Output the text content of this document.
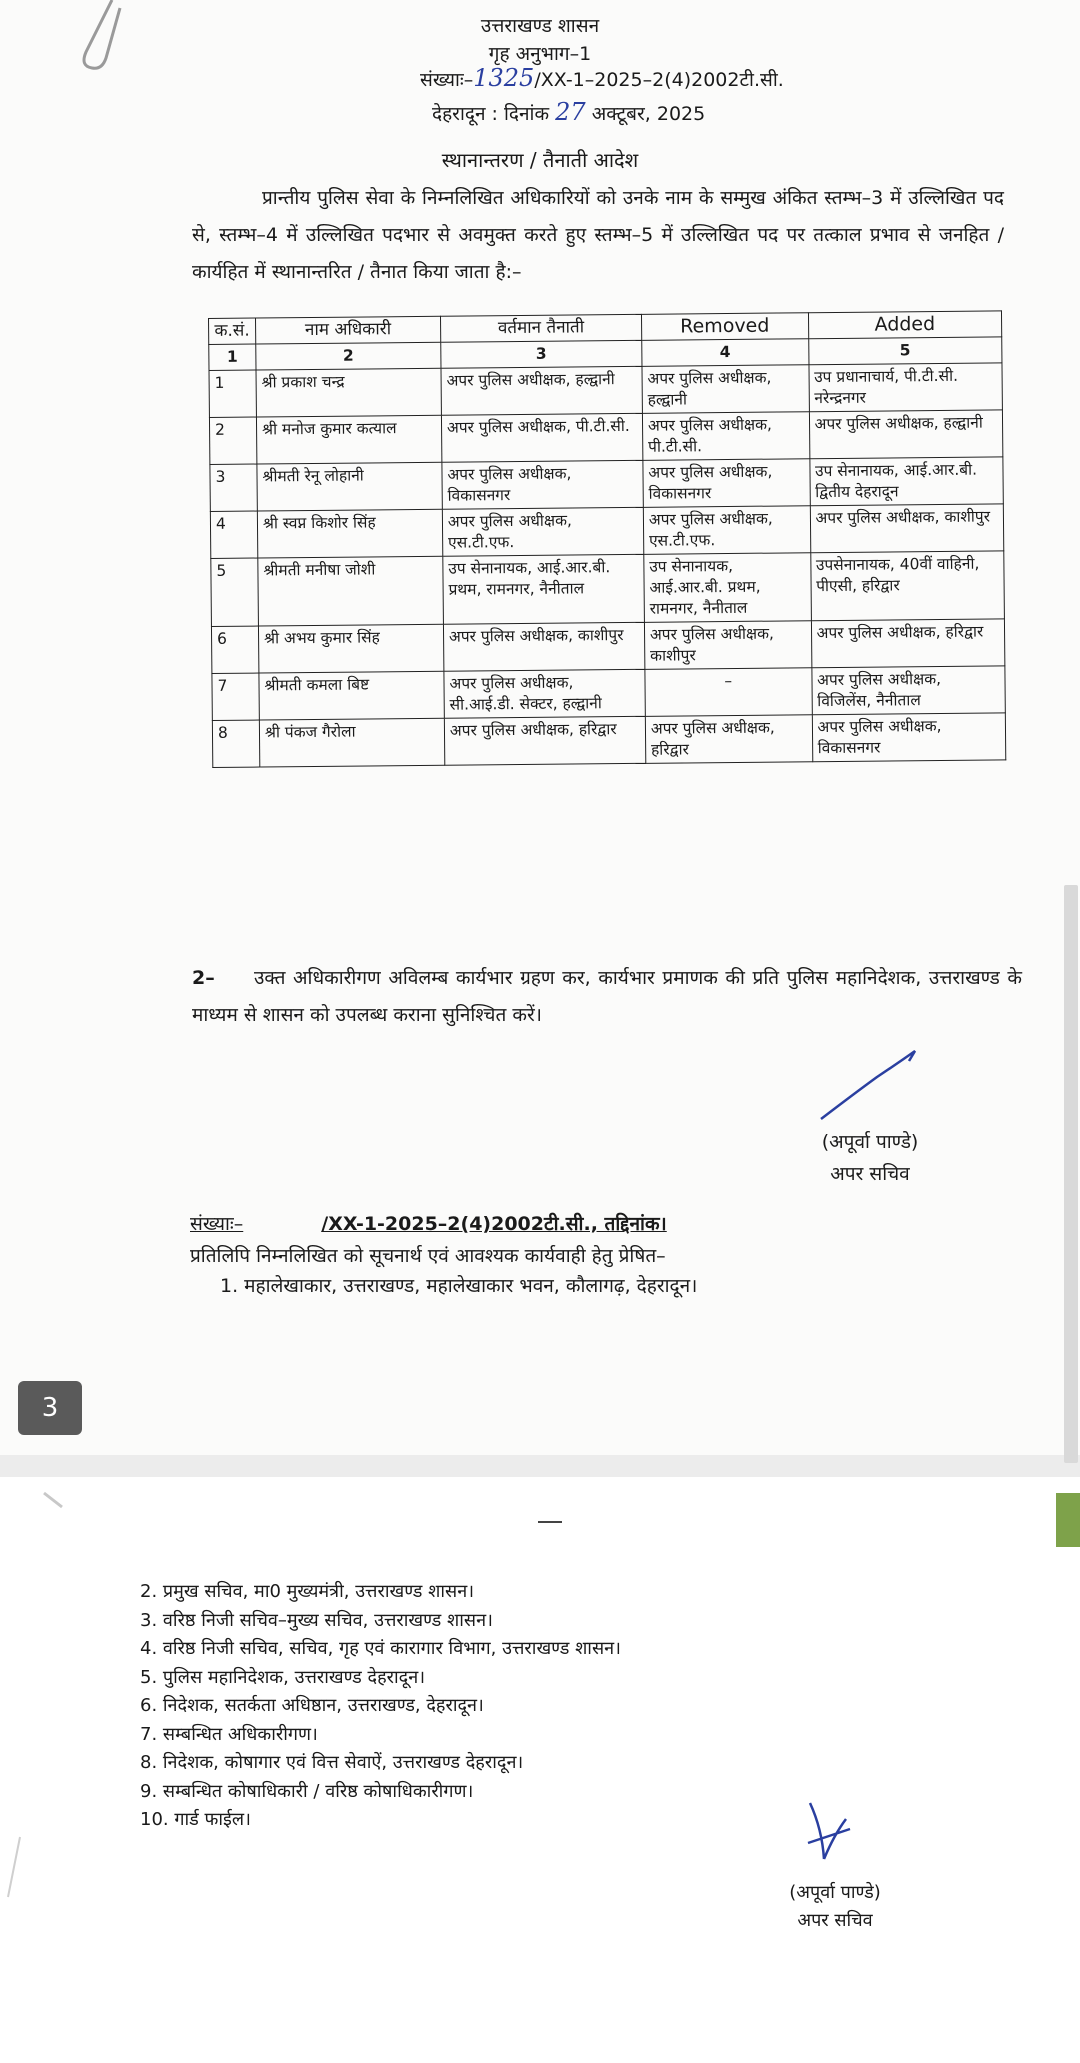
उत्तराखण्ड शासन
गृह अनुभाग–1
संख्याः–1325/XX-1–2025–2(4)2002टी.सी.
देहरादून : दिनांक 27 अक्टूबर, 2025
स्थानान्तरण / तैनाती आदेश

प्रान्तीय पुलिस सेवा के निम्नलिखित अधिकारियों को उनके नाम के सम्मुख अंकित स्तम्भ–3 में उल्लिखित पद से, स्तम्भ–4 में उल्लिखित पदभार से अवमुक्त करते हुए स्तम्भ–5 में उल्लिखित पद पर तत्काल प्रभाव से जनहित / कार्यहित में स्थानान्तरित / तैनात किया जाता है:–

क.सं.	नाम अधिकारी	वर्तमान तैनाती	Removed	Added
1	2	3	4	5
1	श्री प्रकाश चन्द्र	अपर पुलिस अधीक्षक, हल्द्वानी	अपर पुलिस अधीक्षक, हल्द्वानी	उप प्रधानाचार्य, पी.टी.सी. नरेन्द्रनगर
2	श्री मनोज कुमार कत्याल	अपर पुलिस अधीक्षक, पी.टी.सी.	अपर पुलिस अधीक्षक, पी.टी.सी.	अपर पुलिस अधीक्षक, हल्द्वानी
3	श्रीमती रेनू लोहानी	अपर पुलिस अधीक्षक, विकासनगर	अपर पुलिस अधीक्षक, विकासनगर	उप सेनानायक, आई.आर.बी. द्वितीय देहरादून
4	श्री स्वप्न किशोर सिंह	अपर पुलिस अधीक्षक, एस.टी.एफ.	अपर पुलिस अधीक्षक, एस.टी.एफ.	अपर पुलिस अधीक्षक, काशीपुर
5	श्रीमती मनीषा जोशी	उप सेनानायक, आई.आर.बी. प्रथम, रामनगर, नैनीताल	उप सेनानायक, आई.आर.बी. प्रथम, रामनगर, नैनीताल	उपसेनानायक, 40वीं वाहिनी, पीएसी, हरिद्वार
6	श्री अभय कुमार सिंह	अपर पुलिस अधीक्षक, काशीपुर	अपर पुलिस अधीक्षक, काशीपुर	अपर पुलिस अधीक्षक, हरिद्वार
7	श्रीमती कमला बिष्ट	अपर पुलिस अधीक्षक, सी.आई.डी. सेक्टर, हल्द्वानी	–	अपर पुलिस अधीक्षक, विजिलेंस, नैनीताल
8	श्री पंकज गैरोला	अपर पुलिस अधीक्षक, हरिद्वार	अपर पुलिस अधीक्षक, हरिद्वार	अपर पुलिस अधीक्षक, विकासनगर

2– उक्त अधिकारीगण अविलम्ब कार्यभार ग्रहण कर, कार्यभार प्रमाणक की प्रति पुलिस महानिदेशक, उत्तराखण्ड के माध्यम से शासन को उपलब्ध कराना सुनिश्चित करें।

(अपूर्वा पाण्डे)
अपर सचिव
संख्याः–	/XX-1-2025–2(4)2002टी.सी., तद्दिनांक।
प्रतिलिपि निम्नलिखित को सूचनार्थ एवं आवश्यक कार्यवाही हेतु प्रेषित–
1. महालेखाकार, उत्तराखण्ड, महालेखाकार भवन, कौलागढ़, देहरादून।
3
2. प्रमुख सचिव, मा0 मुख्यमंत्री, उत्तराखण्ड शासन।
3. वरिष्ठ निजी सचिव–मुख्य सचिव, उत्तराखण्ड शासन।
4. वरिष्ठ निजी सचिव, सचिव, गृह एवं कारागार विभाग, उत्तराखण्ड शासन।
5. पुलिस महानिदेशक, उत्तराखण्ड देहरादून।
6. निदेशक, सतर्कता अधिष्ठान, उत्तराखण्ड, देहरादून।
7. सम्बन्धित अधिकारीगण।
8. निदेशक, कोषागार एवं वित्त सेवाऐं, उत्तराखण्ड देहरादून।
9. सम्बन्धित कोषाधिकारी / वरिष्ठ कोषाधिकारीगण।
10. गार्ड फाईल।
(अपूर्वा पाण्डे)
अपर सचिव
